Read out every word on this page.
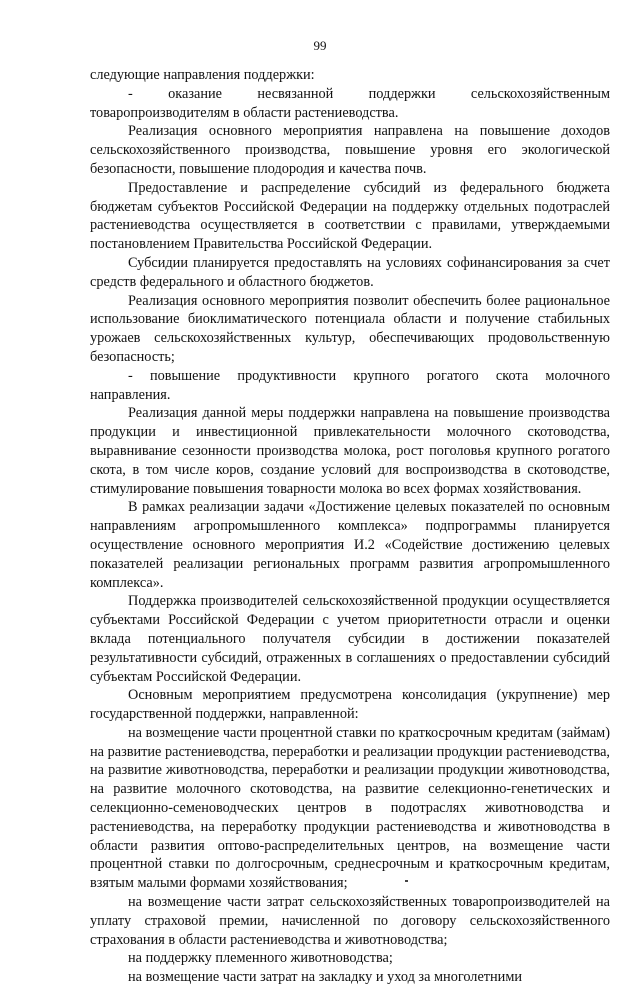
99

следующие направления поддержки:

- оказание несвязанной поддержки сельскохозяйственным товаропроизводителям в области растениеводства.

Реализация основного мероприятия направлена на повышение доходов сельскохозяйственного производства, повышение уровня его экологической безопасности, повышение плодородия и качества почв.

Предоставление и распределение субсидий из федерального бюджета бюджетам субъектов Российской Федерации на поддержку отдельных подотраслей растениеводства осуществляется в соответствии с правилами, утверждаемыми постановлением Правительства Российской Федерации.

Субсидии планируется предоставлять на условиях софинансирования за счет средств федерального и областного бюджетов.

Реализация основного мероприятия позволит обеспечить более рациональное использование биоклиматического потенциала области и получение стабильных урожаев сельскохозяйственных культур, обеспечивающих продовольственную безопасность;

- повышение продуктивности крупного рогатого скота молочного направления.

Реализация данной меры поддержки направлена на повышение производства продукции и инвестиционной привлекательности молочного скотоводства, выравнивание сезонности производства молока, рост поголовья крупного рогатого скота, в том числе коров, создание условий для воспроизводства в скотоводстве, стимулирование повышения товарности молока во всех формах хозяйствования.

В рамках реализации задачи «Достижение целевых показателей по основным направлениям агропромышленного комплекса» подпрограммы планируется осуществление основного мероприятия И.2 «Содействие достижению целевых показателей реализации региональных программ развития агропромышленного комплекса».

Поддержка производителей сельскохозяйственной продукции осуществляется субъектами Российской Федерации с учетом приоритетности отрасли и оценки вклада потенциального получателя субсидии в достижении показателей результативности субсидий, отраженных в соглашениях о предоставлении субсидий субъектам Российской Федерации.

Основным мероприятием предусмотрена консолидация (укрупнение) мер государственной поддержки, направленной:

на возмещение части процентной ставки по краткосрочным кредитам (займам) на развитие растениеводства, переработки и реализации продукции растениеводства, на развитие животноводства, переработки и реализации продукции животноводства, на развитие молочного скотоводства, на развитие селекционно-генетических и селекционно-семеноводческих центров в подотраслях животноводства и растениеводства, на переработку продукции растениеводства и животноводства в области развития оптово-распределительных центров, на возмещение части процентной ставки по долгосрочным, среднесрочным и краткосрочным кредитам, взятым малыми формами хозяйствования;

на возмещение части затрат сельскохозяйственных товаропроизводителей на уплату страховой премии, начисленной по договору сельскохозяйственного страхования в области растениеводства и животноводства;

на поддержку племенного животноводства;

на возмещение части затрат на закладку и уход за многолетними
